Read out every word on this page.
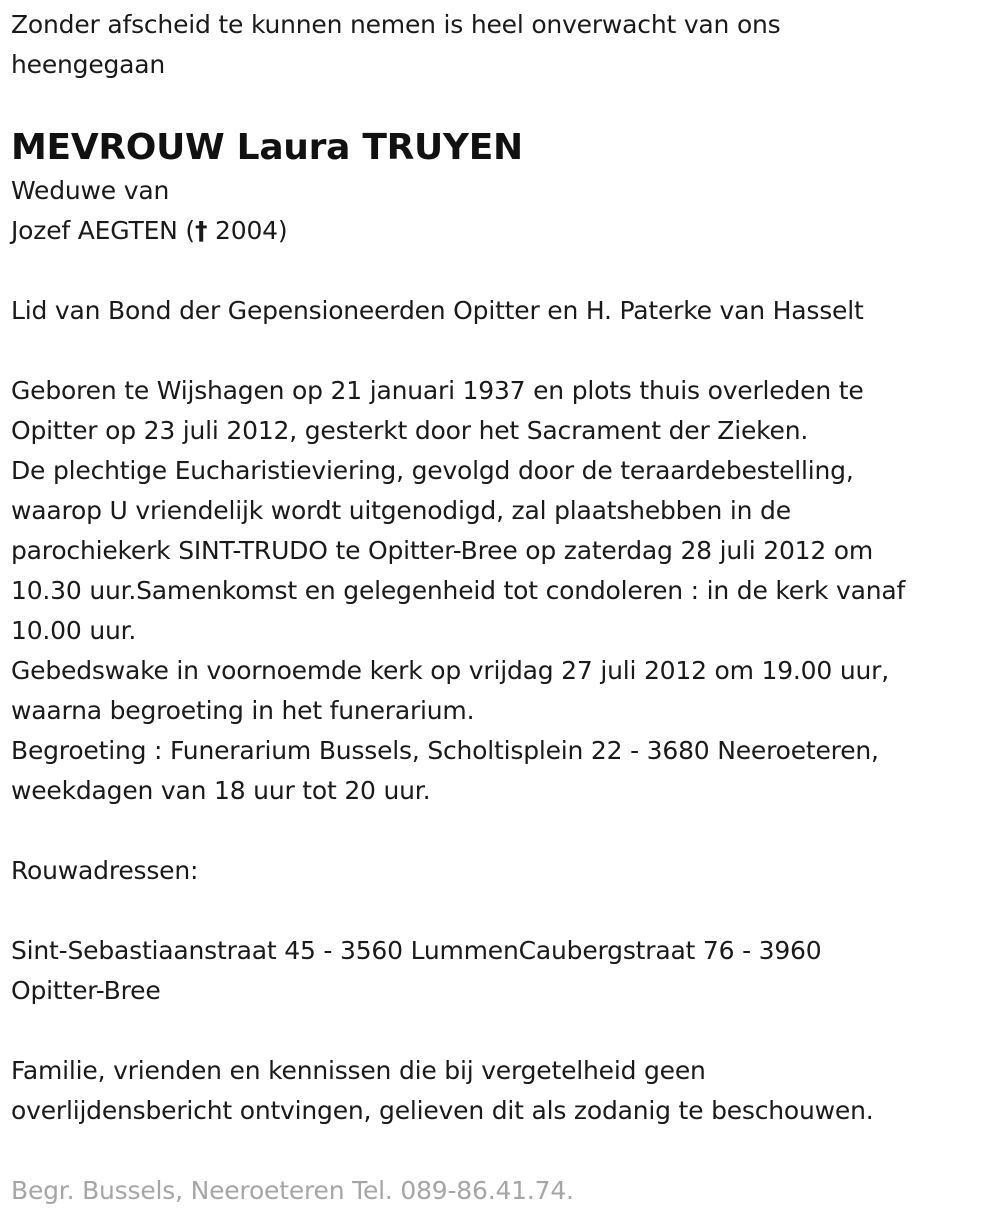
Zonder afscheid te kunnen nemen is heel onverwacht van ons
heengegaan
MEVROUW Laura TRUYEN
Weduwe van
Jozef AEGTEN († 2004)
Lid van Bond der Gepensioneerden Opitter en H. Paterke van Hasselt
Geboren te Wijshagen op 21 januari 1937 en plots thuis overleden te
Opitter op 23 juli 2012, gesterkt door het Sacrament der Zieken.
De plechtige Eucharistieviering, gevolgd door de teraardebestelling,
waarop U vriendelijk wordt uitgenodigd, zal plaatshebben in de
parochiekerk SINT-TRUDO te Opitter-Bree op zaterdag 28 juli 2012 om
10.30 uur.Samenkomst en gelegenheid tot condoleren : in de kerk vanaf
10.00 uur.
Gebedswake in voornoemde kerk op vrijdag 27 juli 2012 om 19.00 uur,
waarna begroeting in het funerarium.
Begroeting : Funerarium Bussels, Scholtisplein 22 - 3680 Neeroeteren,
weekdagen van 18 uur tot 20 uur.
Rouwadressen:
Sint-Sebastiaanstraat 45 - 3560 LummenCaubergstraat 76 - 3960
Opitter-Bree
Familie, vrienden en kennissen die bij vergetelheid geen
overlijdensbericht ontvingen, gelieven dit als zodanig te beschouwen.
Begr. Bussels, Neeroeteren Tel. 089-86.41.74.
